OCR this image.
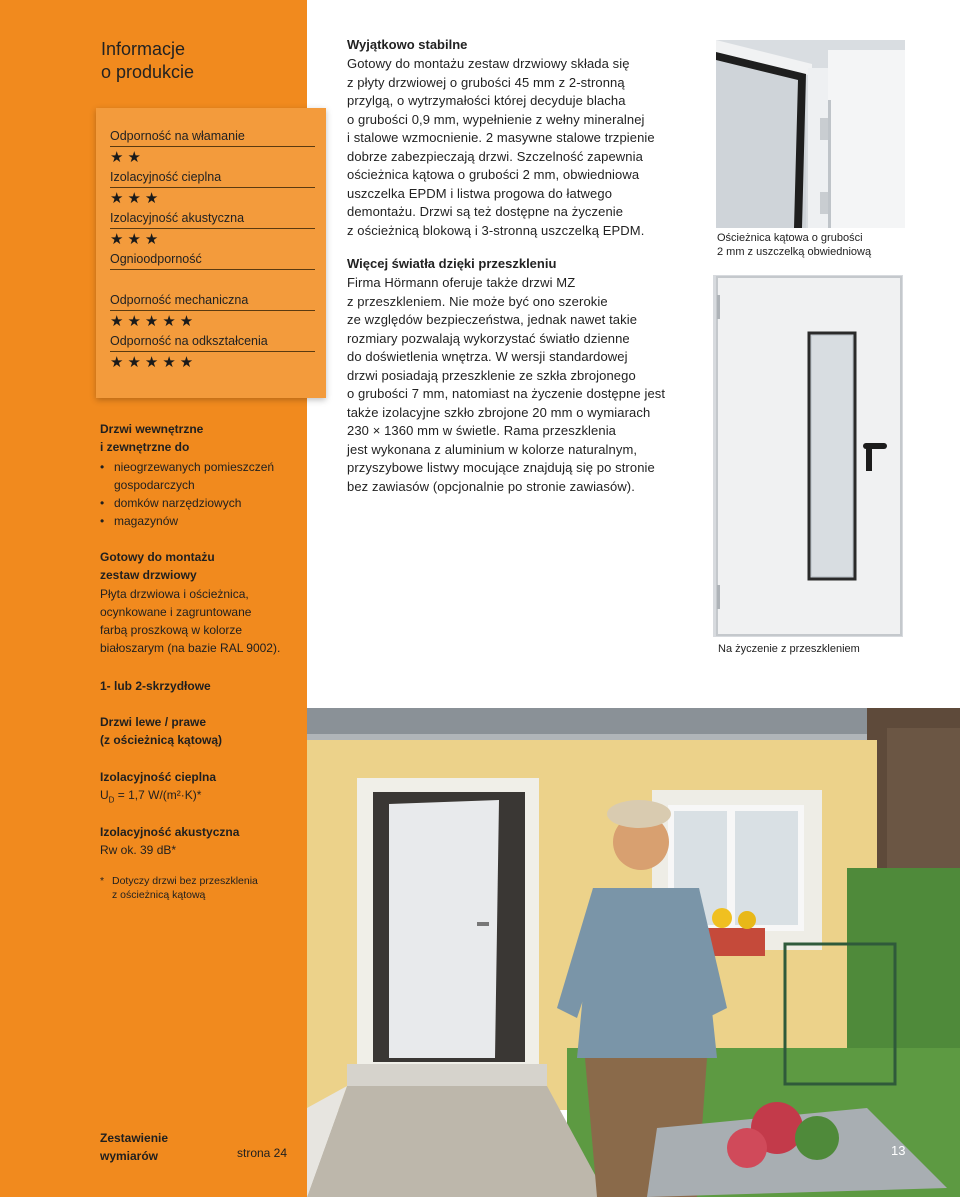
Informacje
o produkcie
Odporność na włamanie
★★
Izolacyjność cieplna
★★★
Izolacyjność akustyczna
★★★
Ognioodporność
Odporność mechaniczna
★★★★★
Odporność na odkształcenia
★★★★★
Drzwi wewnętrzne
i zewnętrzne do
• nieogrzewanych pomieszczeń
gospodarczych
• domków narzędziowych
• magazynów
Gotowy do montażu
zestaw drzwiowy
Płyta drzwiowa i ościeżnica,
ocynkowane i zagruntowane
farbą proszkową w kolorze
białoszarym (na bazie RAL 9002).
1- lub 2-skrzydłowe
Drzwi lewe / prawe
(z ościeżnicą kątową)
Izolacyjność cieplna
$U_D = 1,7$ W/(m²·K)*
Izolacyjność akustyczna
Rw ok. 39 dB*
* Dotyczy drzwi bez przeszklenia
z ościeżnicą kątową
Zestawienie
wymiarów	strona 24
Wyjątkowo stabilne
Gotowy do montażu zestaw drzwiowy składa się
z płyty drzwiowej o grubości 45 mm z 2-stronną
przylgą, o wytrzymałości której decyduje blacha
o grubości 0,9 mm, wypełnienie z wełny mineralnej
i stalowe wzmocnienie. 2 masywne stalowe trzpienie
dobrze zabezpieczają drzwi. Szczelność zapewnia
ościeżnica kątowa o grubości 2 mm, obwiedniowa
uszczelka EPDM i listwa progowa do łatwego
demontażu. Drzwi są też dostępne na życzenie
z ościeżnicą blokową i 3-stronną uszczelką EPDM.
Więcej światła dzięki przeszkleniu
Firma Hörmann oferuje także drzwi MZ
z przeszkleniem. Nie może być ono szerokie
ze względów bezpieczeństwa, jednak nawet takie
rozmiary pozwalają wykorzystać światło dzienne
do doświetlenia wnętrza. W wersji standardowej
drzwi posiadają przeszklenie ze szkła zbrojonego
o grubości 7 mm, natomiast na życzenie dostępne jest
także izolacyjne szkło zbrojone 20 mm o wymiarach
230 × 1360 mm w świetle. Rama przeszklenia
jest wykonana z aluminium w kolorze naturalnym,
przyszybowe listwy mocujące znajdują się po stronie
bez zawiasów (opcjonalnie po stronie zawiasów).
Ościeżnica kątowa o grubości
2 mm z uszczelką obwiedniową
Na życzenie z przeszkleniem
13
